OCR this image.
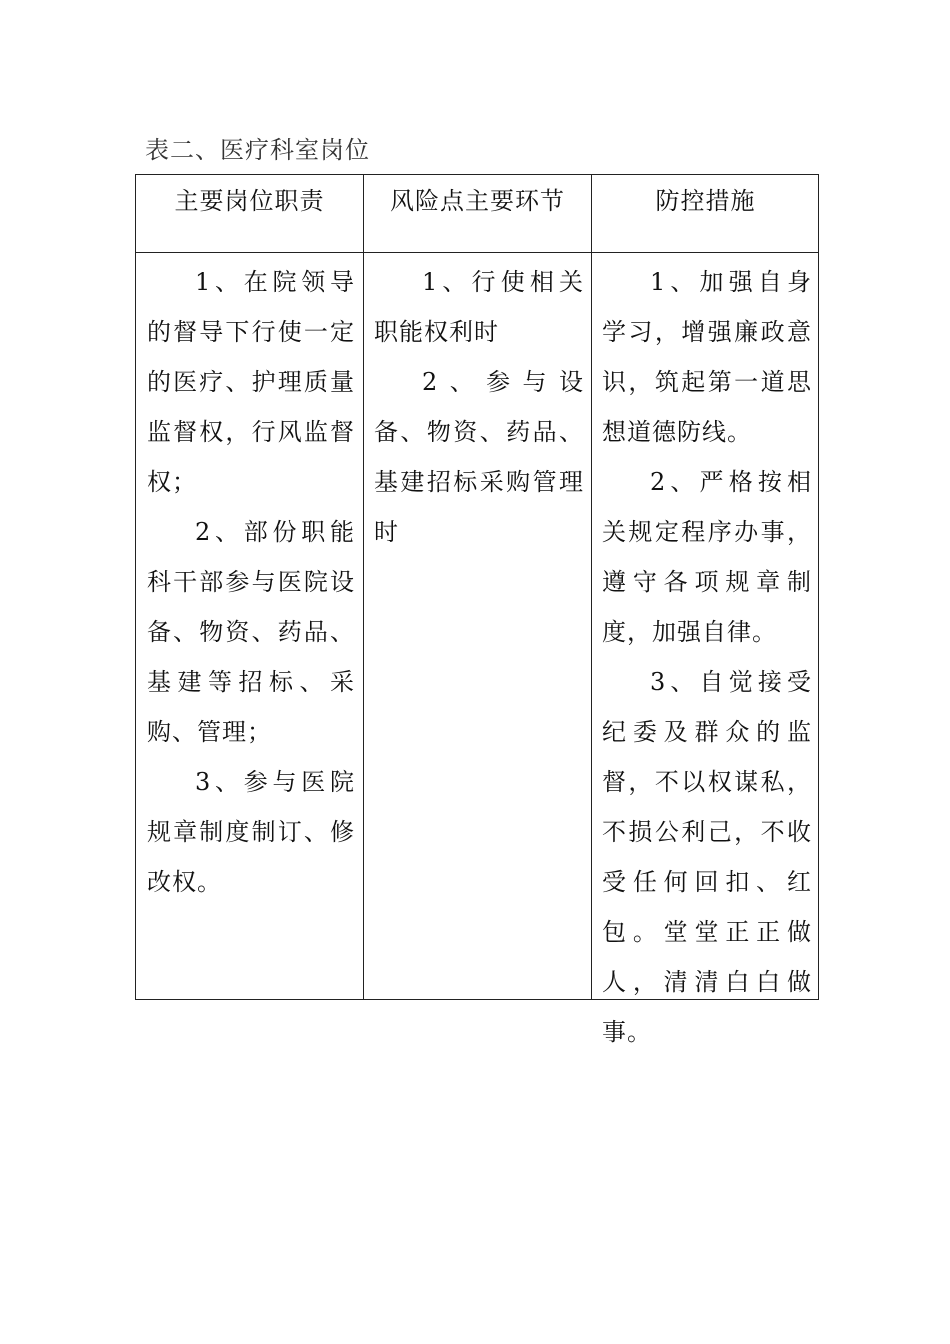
表二、医疗科室岗位
主要岗位职责	风险点主要环节	防控措施

1、在院领导的督导下行使一定的医疗、护理质量监督权，行风监督权；

2、部份职能科干部参与医院设备、物资、药品、基建等招标、采购、管理；

3、参与医院规章制度制订、修改权。

1、行使相关职能权利时

2、参与设备、物资、药品、基建招标采购管理时

1、加强自身学习，增强廉政意识，筑起第一道思想道德防线。

2、严格按相关规定程序办事，遵守各项规章制度，加强自律。

3、自觉接受纪委及群众的监督，不以权谋私，不损公利己，不收受任何回扣、红包。堂堂正正做人，清清白白做事。
